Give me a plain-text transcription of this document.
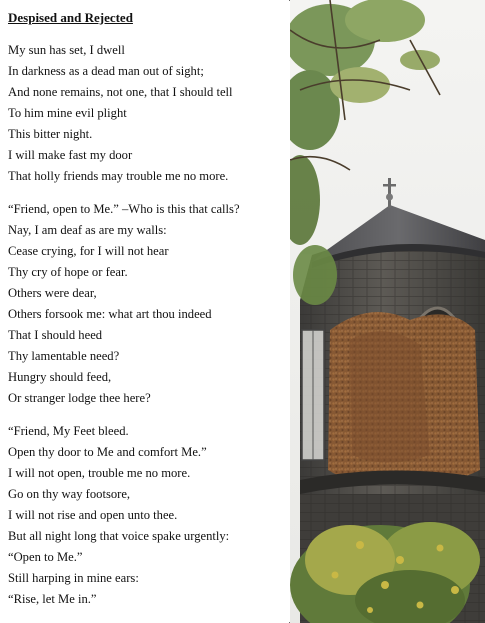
Despised and Rejected
My sun has set, I dwell
In darkness as a dead man out of sight;
And none remains, not one, that I should tell
To him mine evil plight
This bitter night.
I will make fast my door
That holly friends may trouble me no more.
“Friend, open to Me.” –Who is this that calls?
Nay, I am deaf as are my walls:
Cease crying, for I will not hear
Thy cry of hope or fear.
Others were dear,
Others forsook me: what art thou indeed
That I should heed
Thy lamentable need?
Hungry should feed,
Or stranger lodge thee here?
“Friend, My Feet bleed.
Open thy door to Me and comfort Me.”
I will not open, trouble me no more.
Go on thy way footsore,
I will not rise and open unto thee.
But all night long that voice spake urgently:
“Open to Me.”
Still harping in mine ears:
“Rise, let Me in.”
